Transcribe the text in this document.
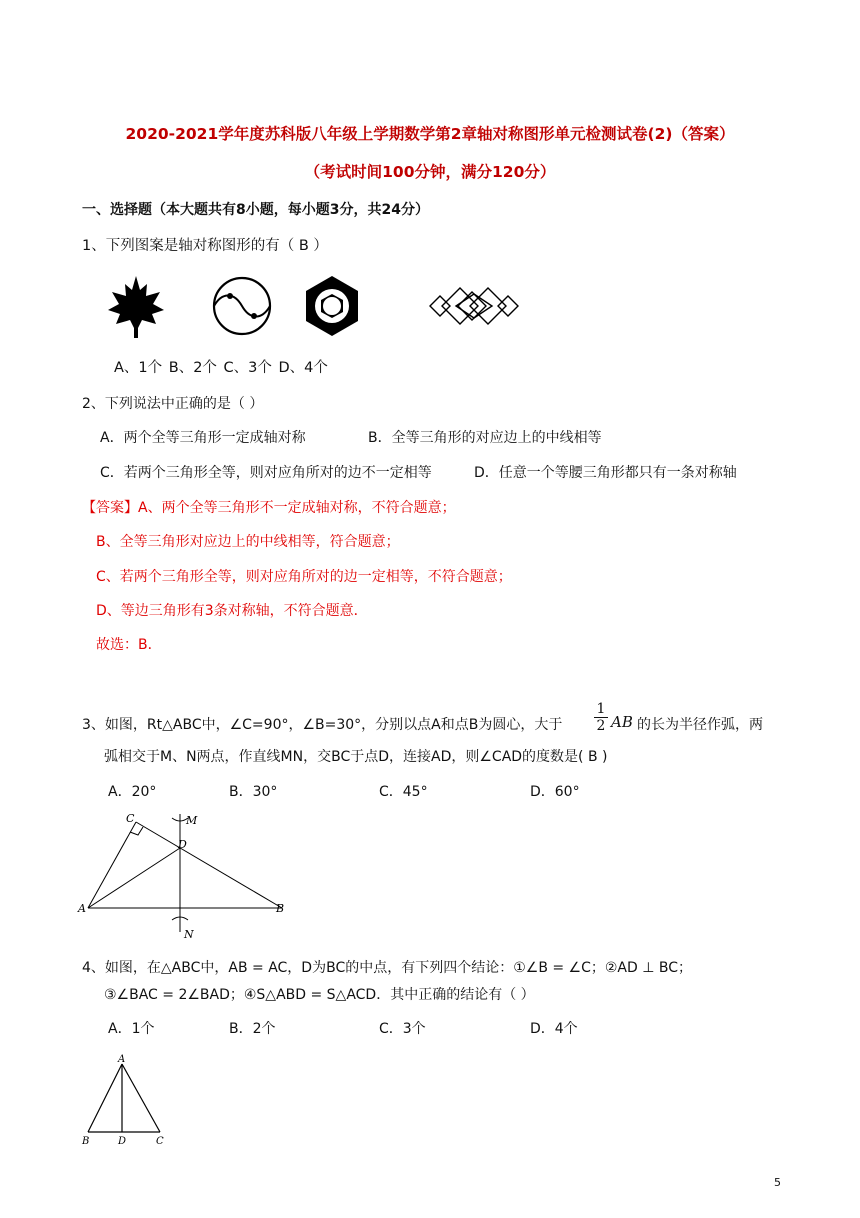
2020-2021学年度苏科版八年级上学期数学第2章轴对称图形单元检测试卷(2)（答案）
（考试时间100分钟，满分120分）
一、选择题（本大题共有8小题，每小题3分，共24分）
1、下列图案是轴对称图形的有（ B ）
A、1个 B、2个 C、3个 D、4个
2、下列说法中正确的是（ ）
A．两个全等三角形一定成轴对称	B．全等三角形的对应边上的中线相等
C．若两个三角形全等，则对应角所对的边不一定相等	D．任意一个等腰三角形都只有一条对称轴
【答案】A、两个全等三角形不一定成轴对称，不符合题意；
B、全等三角形对应边上的中线相等，符合题意；
C、若两个三角形全等，则对应角所对的边一定相等，不符合题意；
D、等边三角形有3条对称轴，不符合题意．
故选：B．
3、如图，Rt△ABC中，∠C=90°，∠B=30°，分别以点A和点B为圆心，大于 $\frac{1}{2}$ AB 的长为半径作弧，两
弧相交于M、N两点，作直线MN，交BC于点D，连接AD，则∠CAD的度数是( B )
A．20°	B．30°	C．45°	D．60°
C	M
D
A	B
N
4、如图，在△ABC中，AB = AC，D为BC的中点，有下列四个结论：①∠B = ∠C；②AD ⊥ BC；
③∠BAC = 2∠BAD；④S△ABD = S△ACD．其中正确的结论有（ ）
A．1个	B．2个	C．3个	D．4个
A
B	D	C
5
